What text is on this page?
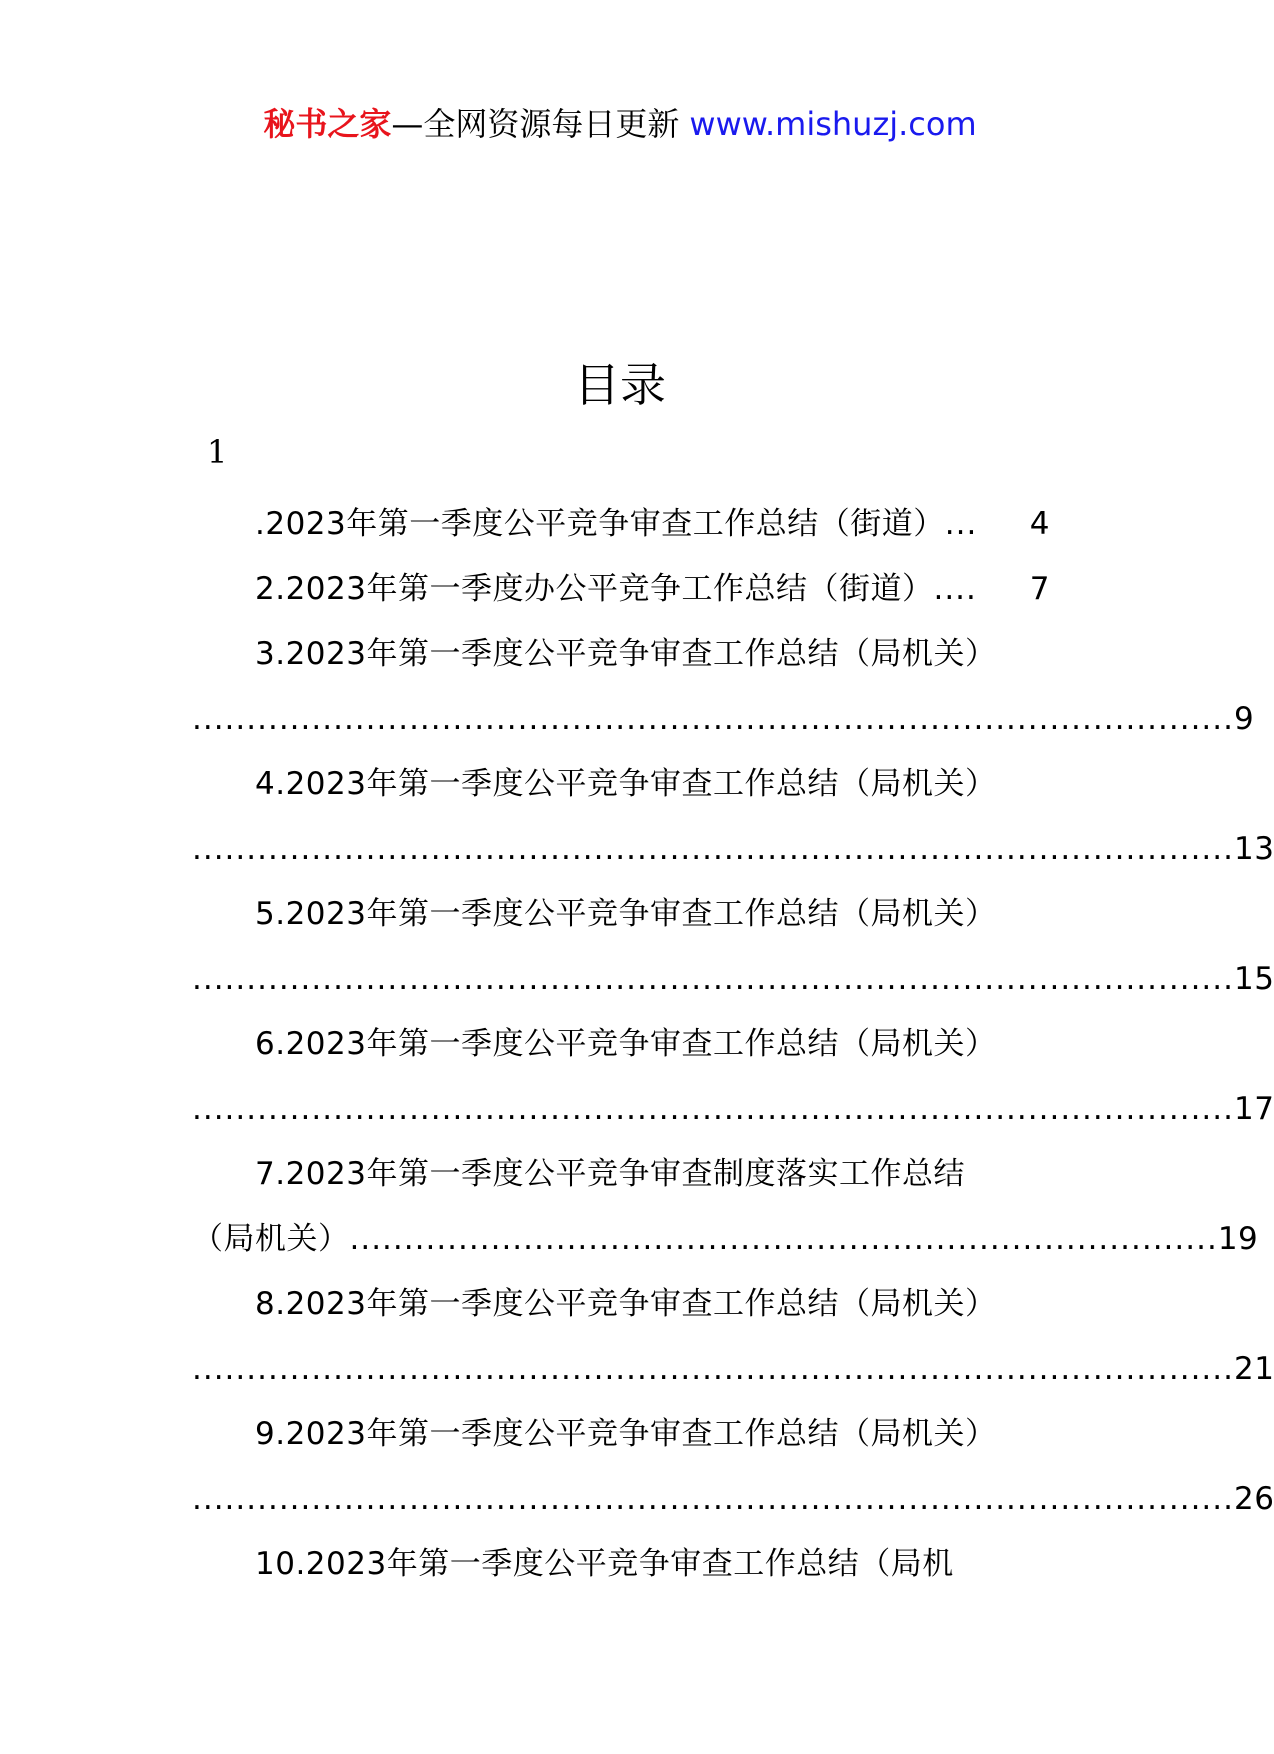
秘书之家—全网资源每日更新 www.mishuzj.com
目录
1
.2023年第一季度公平竞争审查工作总结（街道） ...	4
2.2023年第一季度办公平竞争工作总结（街道） ....	7
3.2023年第一季度公平竞争审查工作总结（局机关）
................................................................................................ 9
4.2023年第一季度公平竞争审查工作总结（局机关）
................................................................................................ 13
5.2023年第一季度公平竞争审查工作总结（局机关）
................................................................................................ 15
6.2023年第一季度公平竞争审查工作总结（局机关）
................................................................................................ 17
7.2023年第一季度公平竞争审查制度落实工作总结
（局机关） ................................................................................ 19
8.2023年第一季度公平竞争审查工作总结（局机关）
................................................................................................ 21
9.2023年第一季度公平竞争审查工作总结（局机关）
................................................................................................ 26
10.2023年第一季度公平竞争审查工作总结（局机
